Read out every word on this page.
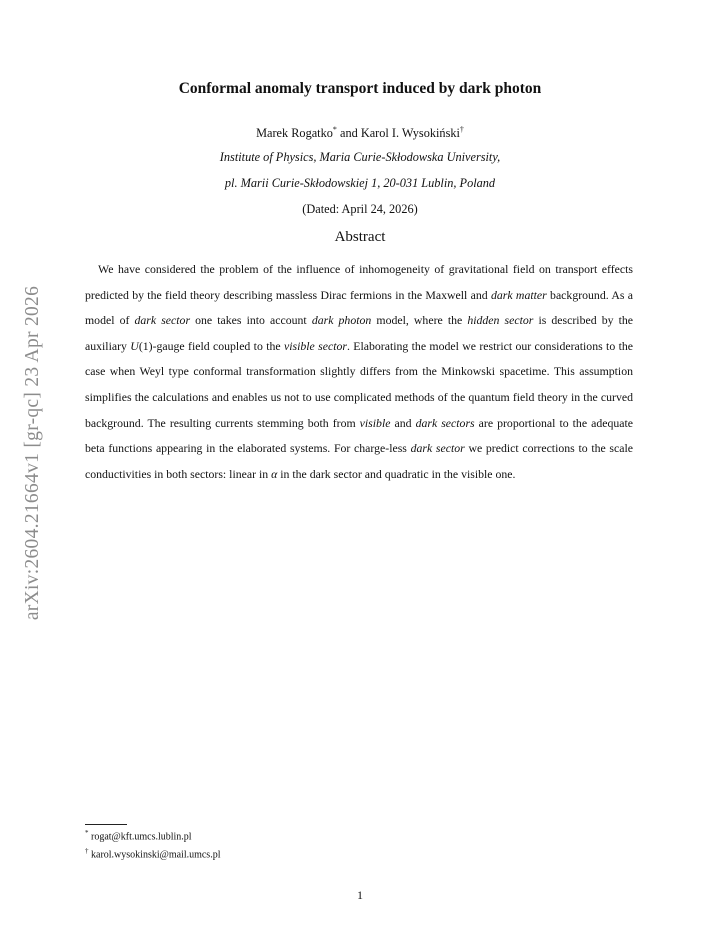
arXiv:2604.21664v1 [gr-qc] 23 Apr 2026
Conformal anomaly transport induced by dark photon
Marek Rogatko* and Karol I. Wysokiński†
Institute of Physics, Maria Curie-Skłodowska University,
pl. Marii Curie-Skłodowskiej 1, 20-031 Lublin, Poland
(Dated: April 24, 2026)
Abstract
We have considered the problem of the influence of inhomogeneity of gravitational field on transport effects predicted by the field theory describing massless Dirac fermions in the Maxwell and dark matter background. As a model of dark sector one takes into account dark photon model, where the hidden sector is described by the auxiliary U(1)-gauge field coupled to the visible sector. Elaborating the model we restrict our considerations to the case when Weyl type conformal transformation slightly differs from the Minkowski spacetime. This assumption simplifies the calculations and enables us not to use complicated methods of the quantum field theory in the curved background. The resulting currents stemming both from visible and dark sectors are proportional to the adequate beta functions appearing in the elaborated systems. For charge-less dark sector we predict corrections to the scale conductivities in both sectors: linear in α in the dark sector and quadratic in the visible one.
* rogat@kft.umcs.lublin.pl
† karol.wysokinski@mail.umcs.pl
1
